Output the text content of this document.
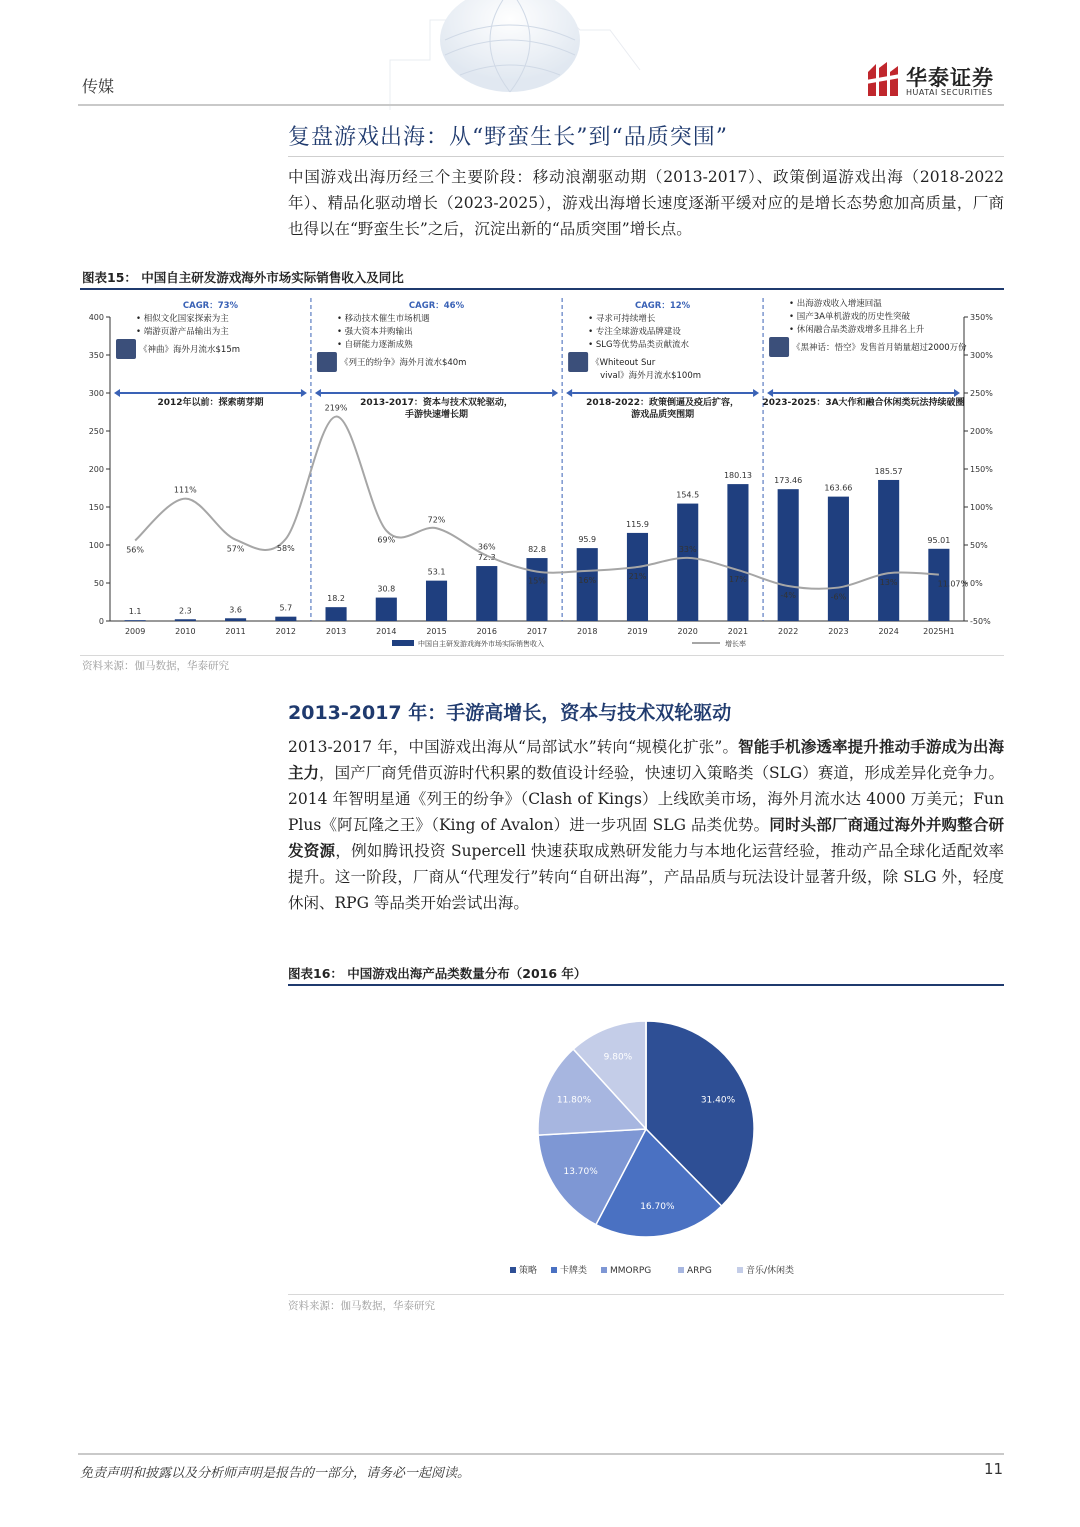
传媒	华泰证券
HUATAI SECURITIES
复盘游戏出海：从“野蛮生长”到“品质突围”
中国游戏出海历经三个主要阶段：移动浪潮驱动期（2013-2017）、政策倒逼游戏出海（2018-2022 年）、精品化驱动增长（2023-2025），游戏出海增长速度逐渐平缓对应的是增长态势愈加高质量，厂商也得以在“野蛮生长”之后，沉淀出新的“品质突围”增长点。
图表15： 中国自主研发游戏海外市场实际销售收入及同比
0
50
100
150
200
250
300
350
400
-50%
0%
50%
100%
150%
200%
250%
300%
350%
2012年以前：探索萌芽期
CAGR：73%
• 相似文化国家探索为主
• 端游页游产品输出为主
《神曲》海外月流水$15m
2013-2017：资本与技术双轮驱动，
手游快速增长期
CAGR：46%
• 移动技术催生市场机遇
• 强大资本并购输出
• 自研能力逐渐成熟
《列王的纷争》海外月流水$40m
2018-2022：政策倒逼及疫后扩容，
游戏品质突围期
CAGR：12%
• 寻求可持续增长
• 专注全球游戏品牌建设
• SLG等优势品类贡献流水
《Whiteout Sur
vival》海外月流水$100m
2023-2025：3A大作和融合休闲类玩法持续破圈
• 出海游戏收入增速回温
• 国产3A单机游戏的历史性突破
• 休闲融合品类游戏增多且排名上升
《黑神话：悟空》发售首月销量超过2000万份
1.1	2.3	3.6	5.7
18.2
30.8
53.1
72.3
82.8
95.9
115.9
154.5
180.13
173.46
163.66
185.57
95.01
2009	2010	2011	2012	2013	2014	2015	2016	2017	2018	2019	2020	2021	2022	2023	2024	2025H1
56%
111%
57%	58%
219%
69%
72%
36%
15%	16%	21%
33%
17%
-4%	-6%
13%	11.07%
中国自主研发游戏海外市场实际销售收入	增长率
资料来源：伽马数据，华泰研究
2013-2017 年：手游高增长，资本与技术双轮驱动
2013-2017 年，中国游戏出海从“局部试水”转向“规模化扩张”。智能手机渗透率提升推动手游成为出海主力，国产厂商凭借页游时代积累的数值设计经验，快速切入策略类（SLG）赛道，形成差异化竞争力。2014 年智明星通《列王的纷争》（Clash of Kings）上线欧美市场，海外月流水达 4000 万美元；Fun Plus《阿瓦隆之王》（King of Avalon）进一步巩固 SLG 品类优势。同时头部厂商通过海外并购整合研发资源，例如腾讯投资 Supercell 快速获取成熟研发能力与本地化运营经验，推动产品全球化适配效率提升。这一阶段，厂商从“代理发行”转向“自研出海”，产品品质与玩法设计显著升级，除 SLG 外，轻度休闲、RPG 等品类开始尝试出海。
图表16： 中国游戏出海产品类数量分布（2016 年）
31.40%
16.70%
13.70%
11.80%
9.80%
策略	卡牌类	MMORPG	ARPG	音乐/休闲类
资料来源：伽马数据，华泰研究
免责声明和披露以及分析师声明是报告的一部分，请务必一起阅读。	11
